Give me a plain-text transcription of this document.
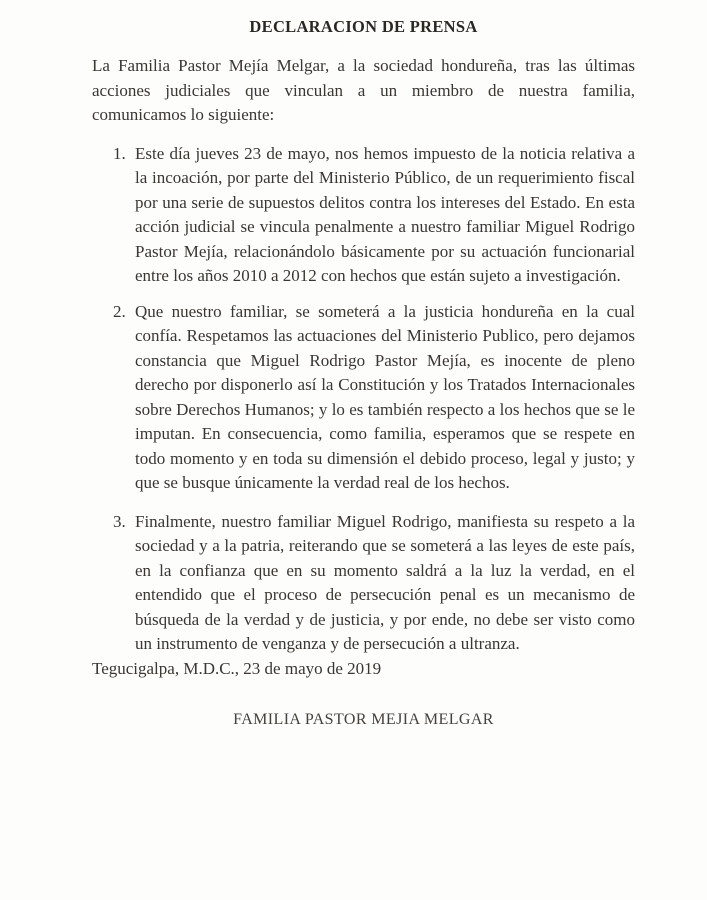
DECLARACION DE PRENSA

La Familia Pastor Mejía Melgar, a la sociedad hondureña, tras las últimas acciones judiciales que vinculan a un miembro de nuestra familia, comunicamos lo siguiente:

1. Este día jueves 23 de mayo, nos hemos impuesto de la noticia relativa a la incoación, por parte del Ministerio Público, de un requerimiento fiscal por una serie de supuestos delitos contra los intereses del Estado. En esta acción judicial se vincula penalmente a nuestro familiar Miguel Rodrigo Pastor Mejía, relacionándolo básicamente por su actuación funcionarial entre los años 2010 a 2012 con hechos que están sujeto a investigación.
2. Que nuestro familiar, se someterá a la justicia hondureña en la cual confía. Respetamos las actuaciones del Ministerio Publico, pero dejamos constancia que Miguel Rodrigo Pastor Mejía, es inocente de pleno derecho por disponerlo así la Constitución y los Tratados Internacionales sobre Derechos Humanos; y lo es también respecto a los hechos que se le imputan. En consecuencia, como familia, esperamos que se respete en todo momento y en toda su dimensión el debido proceso, legal y justo; y que se busque únicamente la verdad real de los hechos.
3. Finalmente, nuestro familiar Miguel Rodrigo, manifiesta su respeto a la sociedad y a la patria, reiterando que se someterá a las leyes de este país, en la confianza que en su momento saldrá a la luz la verdad, en el entendido que el proceso de persecución penal es un mecanismo de búsqueda de la verdad y de justicia, y por ende, no debe ser visto como un instrumento de venganza y de persecución a ultranza.

Tegucigalpa, M.D.C., 23 de mayo de 2019

FAMILIA PASTOR MEJIA MELGAR
